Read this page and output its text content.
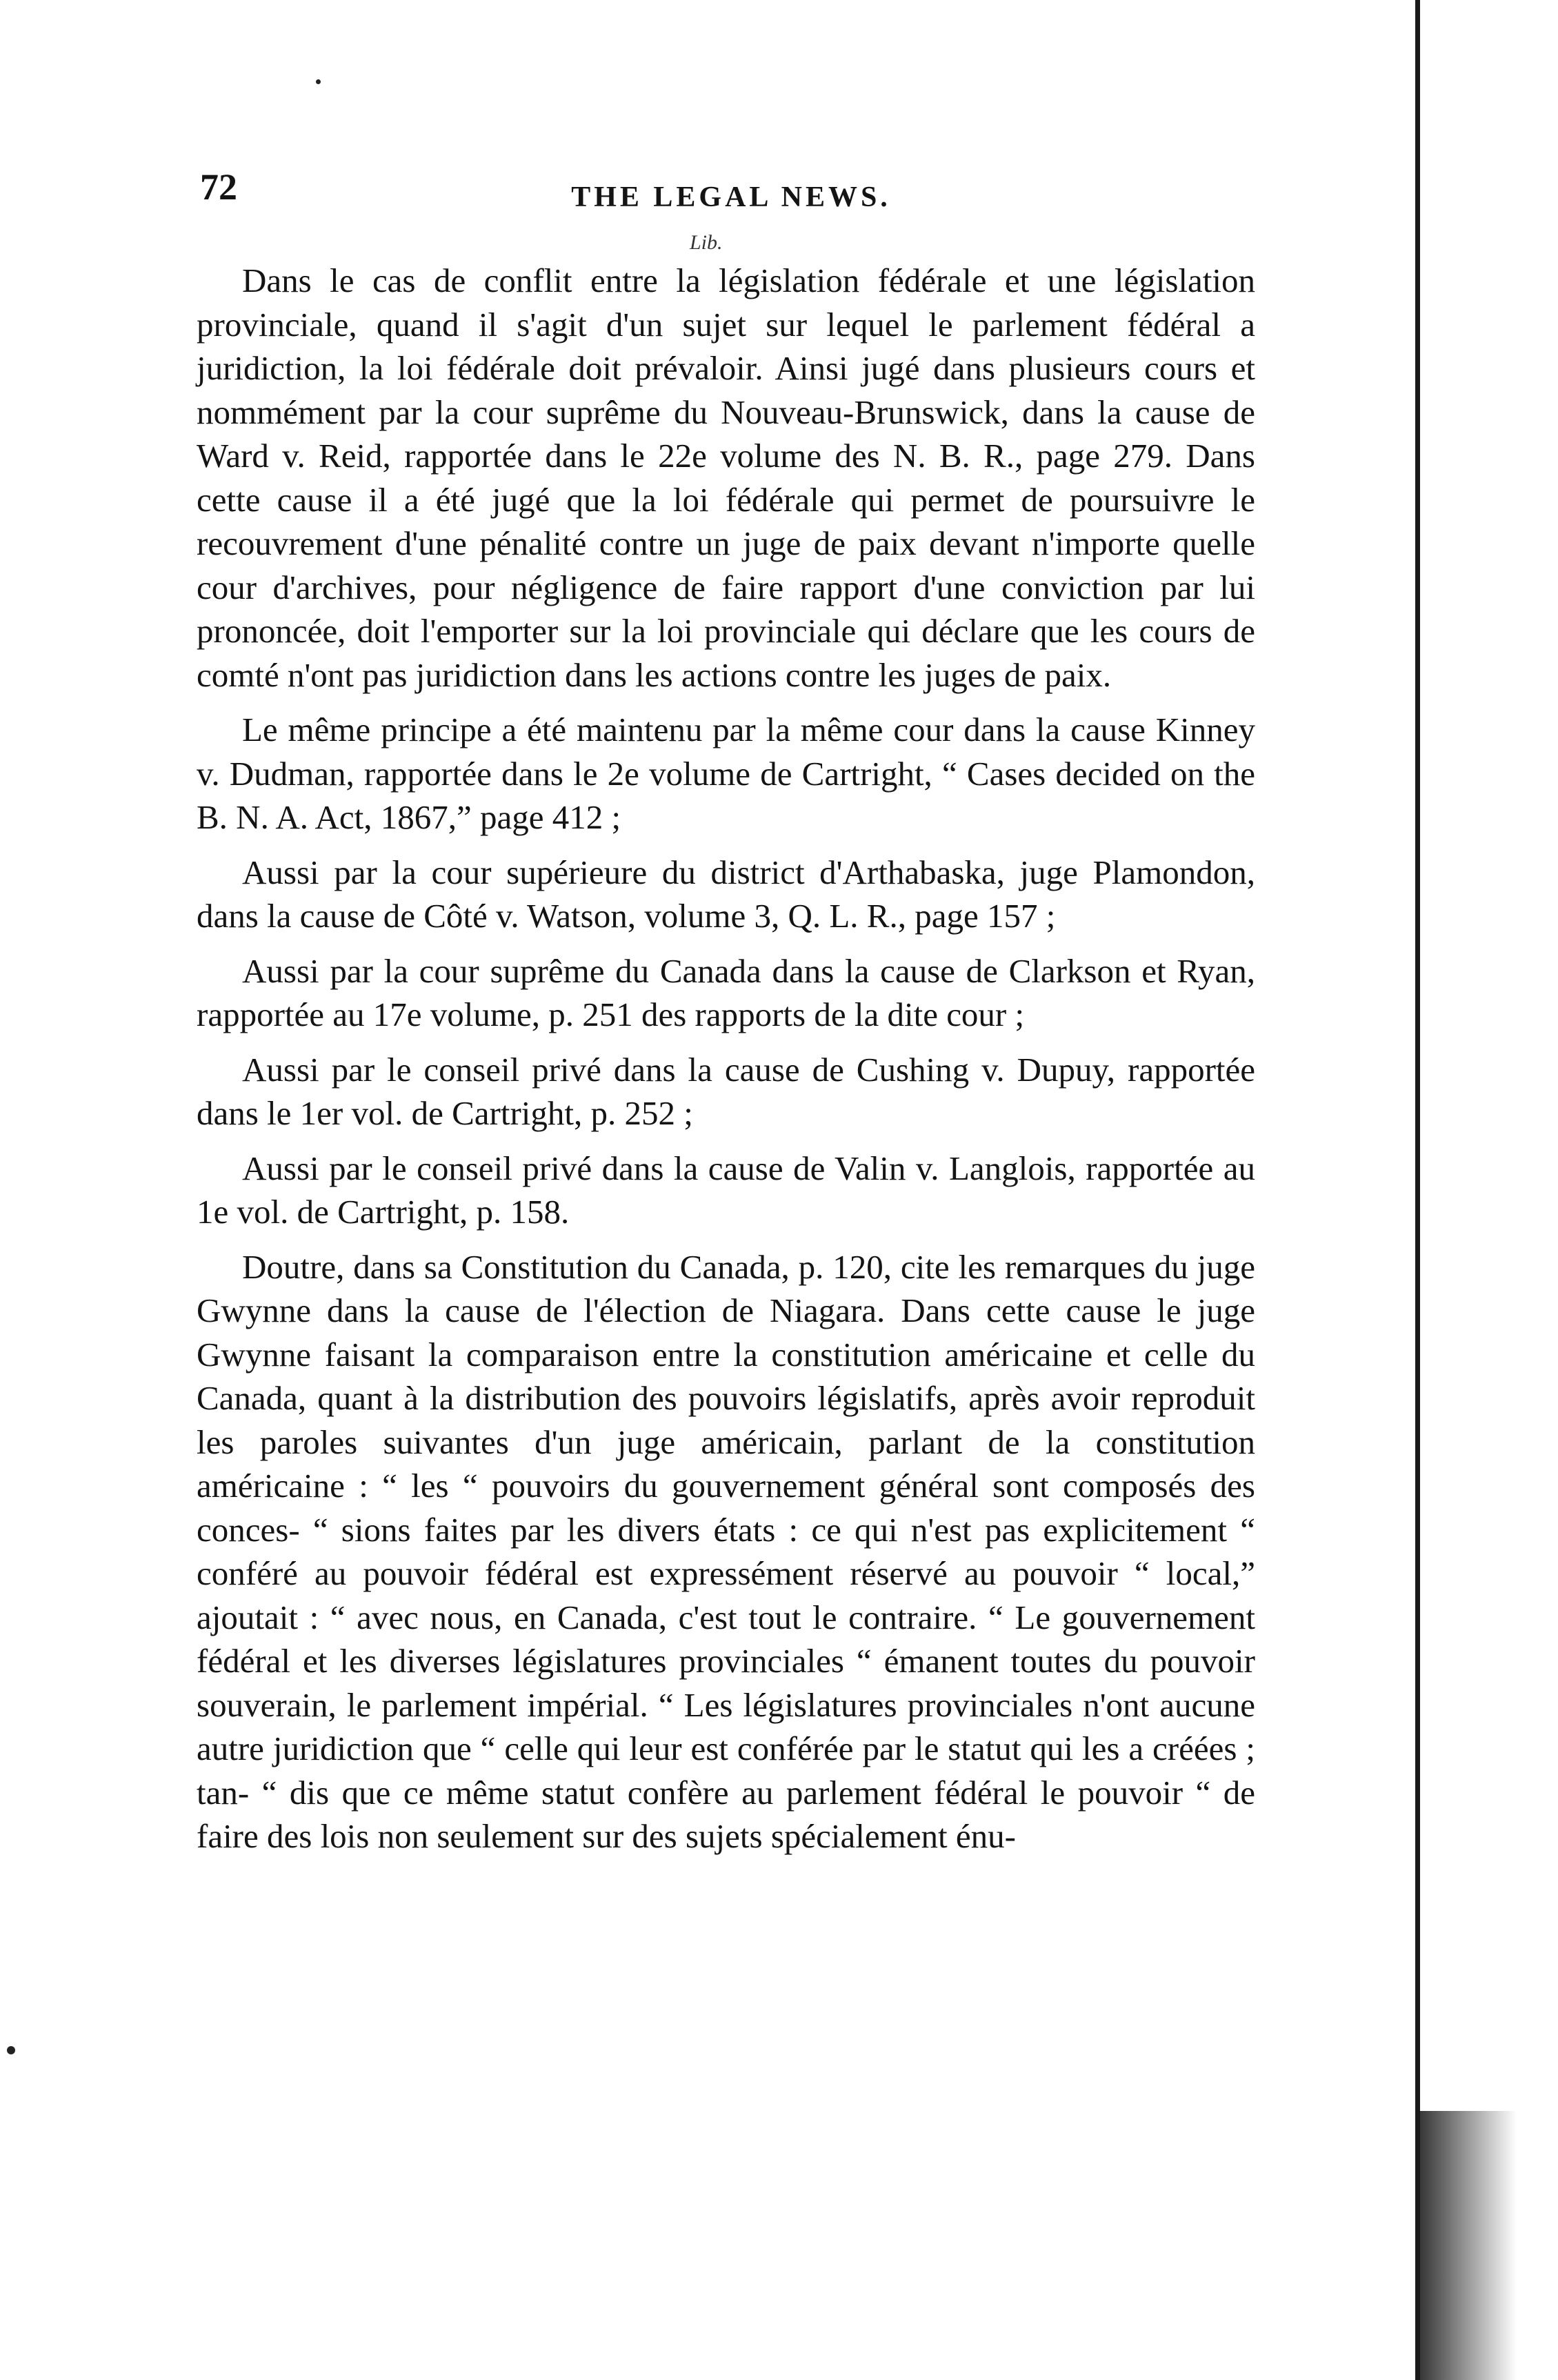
72	THE LEGAL NEWS.
Lib.

Dans le cas de conflit entre la législation fédérale et une législation provinciale, quand il s'agit d'un sujet sur lequel le parlement fédéral a juridiction, la loi fédérale doit prévaloir. Ainsi jugé dans plusieurs cours et nommément par la cour suprême du Nouveau-Brunswick, dans la cause de Ward v. Reid, rapportée dans le 22e volume des N. B. R., page 279. Dans cette cause il a été jugé que la loi fédérale qui permet de poursuivre le recouvrement d'une pénalité contre un juge de paix devant n'importe quelle cour d'archives, pour négligence de faire rapport d'une conviction par lui prononcée, doit l'emporter sur la loi provinciale qui déclare que les cours de comté n'ont pas juridiction dans les actions contre les juges de paix.

Le même principe a été maintenu par la même cour dans la cause Kinney v. Dudman, rapportée dans le 2e volume de Cartright, “ Cases decided on the B. N. A. Act, 1867,” page 412 ;

Aussi par la cour supérieure du district d'Arthabaska, juge Plamondon, dans la cause de Côté v. Watson, volume 3, Q. L. R., page 157 ;

Aussi par la cour suprême du Canada dans la cause de Clarkson et Ryan, rapportée au 17e volume, p. 251 des rapports de la dite cour ;

Aussi par le conseil privé dans la cause de Cushing v. Dupuy, rapportée dans le 1er vol. de Cartright, p. 252 ;

Aussi par le conseil privé dans la cause de Valin v. Langlois, rapportée au 1e vol. de Cartright, p. 158.

Doutre, dans sa Constitution du Canada, p. 120, cite les remarques du juge Gwynne dans la cause de l'élection de Niagara. Dans cette cause le juge Gwynne faisant la comparaison entre la constitution américaine et celle du Canada, quant à la distribution des pouvoirs législatifs, après avoir reproduit les paroles suivantes d'un juge américain, parlant de la constitution américaine : “ les “ pouvoirs du gouvernement général sont composés des conces- “ sions faites par les divers états : ce qui n'est pas explicitement “ conféré au pouvoir fédéral est expressément réservé au pouvoir “ local,” ajoutait : “ avec nous, en Canada, c'est tout le contraire. “ Le gouvernement fédéral et les diverses législatures provinciales “ émanent toutes du pouvoir souverain, le parlement impérial. “ Les législatures provinciales n'ont aucune autre juridiction que “ celle qui leur est conférée par le statut qui les a créées ; tan- “ dis que ce même statut confère au parlement fédéral le pouvoir “ de faire des lois non seulement sur des sujets spécialement énu-
